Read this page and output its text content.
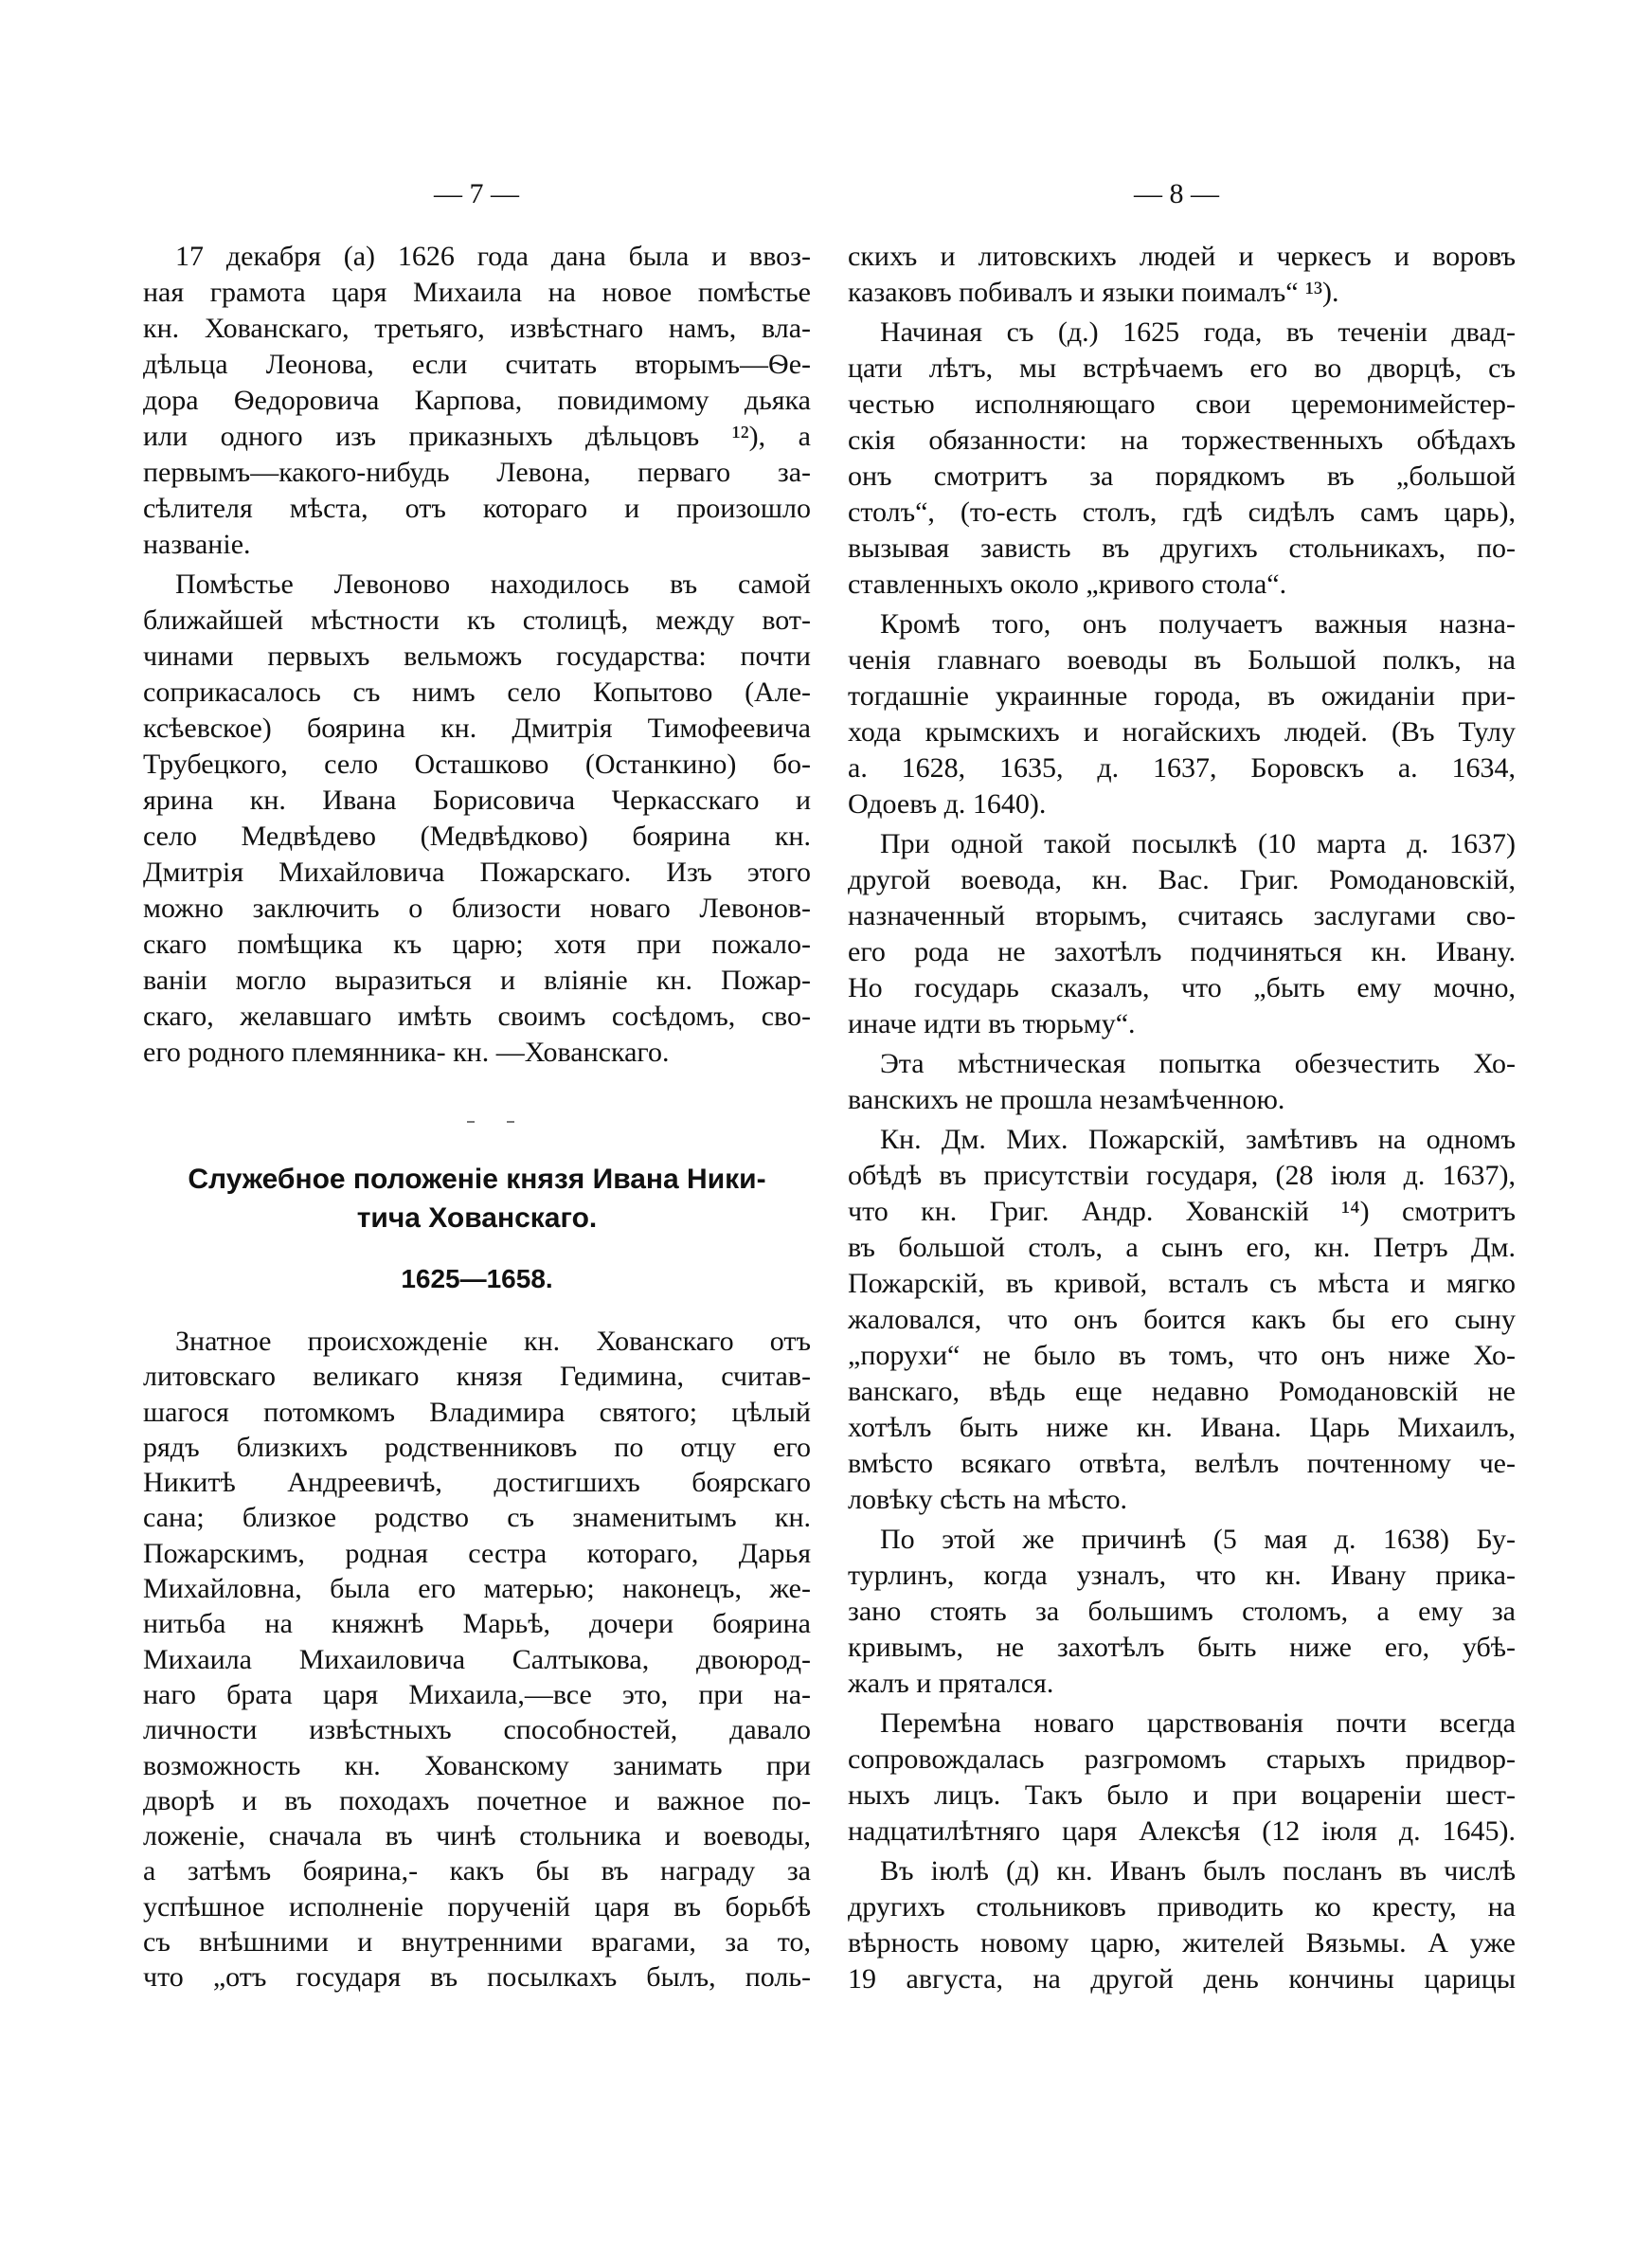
— 7 —	— 8 —
17 декабря (а) 1626 года дана была и ввоз-
ная грамота царя Михаила на новое помѣстье
кн. Хованскаго, третьяго, извѣстнаго намъ, вла-
дѣльца Леонова, если считать вторымъ—Ѳе-
дора Ѳедоровича Карпова, повидимому дьяка
или одного изъ приказныхъ дѣльцовъ ¹²), а
первымъ—какого-нибудь Левона, перваго за-
сѣлителя мѣста, отъ котораго и произошло
названіе.
Помѣстье Левоново находилось въ самой
ближайшей мѣстности къ столицѣ, между вот-
чинами первыхъ вельможъ государства: почти
соприкасалось съ нимъ село Копытово (Але-
ксѣевское) боярина кн. Дмитрія Тимофеевича
Трубецкого, село Осташково (Останкино) бо-
ярина кн. Ивана Борисовича Черкасскаго и
село Медвѣдево (Медвѣдково) боярина кн.
Дмитрія Михайловича Пожарскаго. Изъ этого
можно заключить о близости новаго Левонов-
скаго помѣщика къ царю; хотя при пожало-
ваніи могло выразиться и вліяніе кн. Пожар-
скаго, желавшаго имѣть своимъ сосѣдомъ, сво-
его родного племянника- кн. —Хованскаго.
Служебное положеніе князя Ивана Ники-
тича Хованскаго.
1625—1658.
Знатное происхожденіе кн. Хованскаго отъ
литовскаго великаго князя Гедимина, считав-
шагося потомкомъ Владимира святого; цѣлый
рядъ близкихъ родственниковъ по отцу его
Никитѣ Андреевичѣ, достигшихъ боярскаго
сана; близкое родство съ знаменитымъ кн.
Пожарскимъ, родная сестра котораго, Дарья
Михайловна, была его матерью; наконецъ, же-
нитьба на княжнѣ Марьѣ, дочери боярина
Михаила Михаиловича Салтыкова, двоюрод-
наго брата царя Михаила,—все это, при на-
личности извѣстныхъ способностей, давало
возможность кн. Хованскому занимать при
дворѣ и въ походахъ почетное и важное по-
ложеніе, сначала въ чинѣ стольника и воеводы,
а затѣмъ боярина,- какъ бы въ награду за
успѣшное исполненіе порученій царя въ борьбѣ
съ внѣшними и внутренними врагами, за то,
что „отъ государя въ посылкахъ былъ, поль-
скихъ и литовскихъ людей и черкесъ и воровъ
казаковъ побивалъ и языки поималъ“ ¹³).
Начиная съ (д.) 1625 года, въ теченіи двад-
цати лѣтъ, мы встрѣчаемъ его во дворцѣ, съ
честью исполняющаго свои церемонимейстер-
скія обязанности: на торжественныхъ обѣдахъ
онъ смотритъ за порядкомъ въ „большой
столъ“, (то-есть столъ, гдѣ сидѣлъ самъ царь),
вызывая зависть въ другихъ стольникахъ, по-
ставленныхъ около „кривого стола“.
Кромѣ того, онъ получаетъ важныя назна-
ченія главнаго воеводы въ Большой полкъ, на
тогдашніе украинные города, въ ожиданіи при-
хода крымскихъ и ногайскихъ людей. (Въ Тулу
а. 1628, 1635, д. 1637, Боровскъ а. 1634,
Одоевъ д. 1640).
При одной такой посылкѣ (10 марта д. 1637)
другой воевода, кн. Вас. Григ. Ромодановскій,
назначенный вторымъ, считаясь заслугами сво-
его рода не захотѣлъ подчиняться кн. Ивану.
Но государь сказалъ, что „быть ему мочно,
иначе идти въ тюрьму“.
Эта мѣстническая попытка обезчестить Хо-
ванскихъ не прошла незамѣченною.
Кн. Дм. Мих. Пожарскій, замѣтивъ на одномъ
обѣдѣ въ присутствіи государя, (28 іюля д. 1637),
что кн. Григ. Андр. Хованскій ¹⁴) смотритъ
въ большой столъ, а сынъ его, кн. Петръ Дм.
Пожарскій, въ кривой, всталъ съ мѣста и мягко
жаловался, что онъ боится какъ бы его сыну
„порухи“ не было въ томъ, что онъ ниже Хо-
ванскаго, вѣдь еще недавно Ромодановскій не
хотѣлъ быть ниже кн. Ивана. Царь Михаилъ,
вмѣсто всякаго отвѣта, велѣлъ почтенному че-
ловѣку сѣсть на мѣсто.
По этой же причинѣ (5 мая д. 1638) Бу-
турлинъ, когда узналъ, что кн. Ивану прика-
зано стоять за большимъ столомъ, а ему за
кривымъ, не захотѣлъ быть ниже его, убѣ-
жалъ и прятался.
Перемѣна новаго царствованія почти всегда
сопровождалась разгромомъ старыхъ придвор-
ныхъ лицъ. Такъ было и при воцареніи шест-
надцатилѣтняго царя Алексѣя (12 іюля д. 1645).
Въ іюлѣ (д) кн. Иванъ былъ посланъ въ числѣ
другихъ стольниковъ приводить ко кресту, на
вѣрность новому царю, жителей Вязьмы. А уже
19 августа, на другой день кончины царицы
